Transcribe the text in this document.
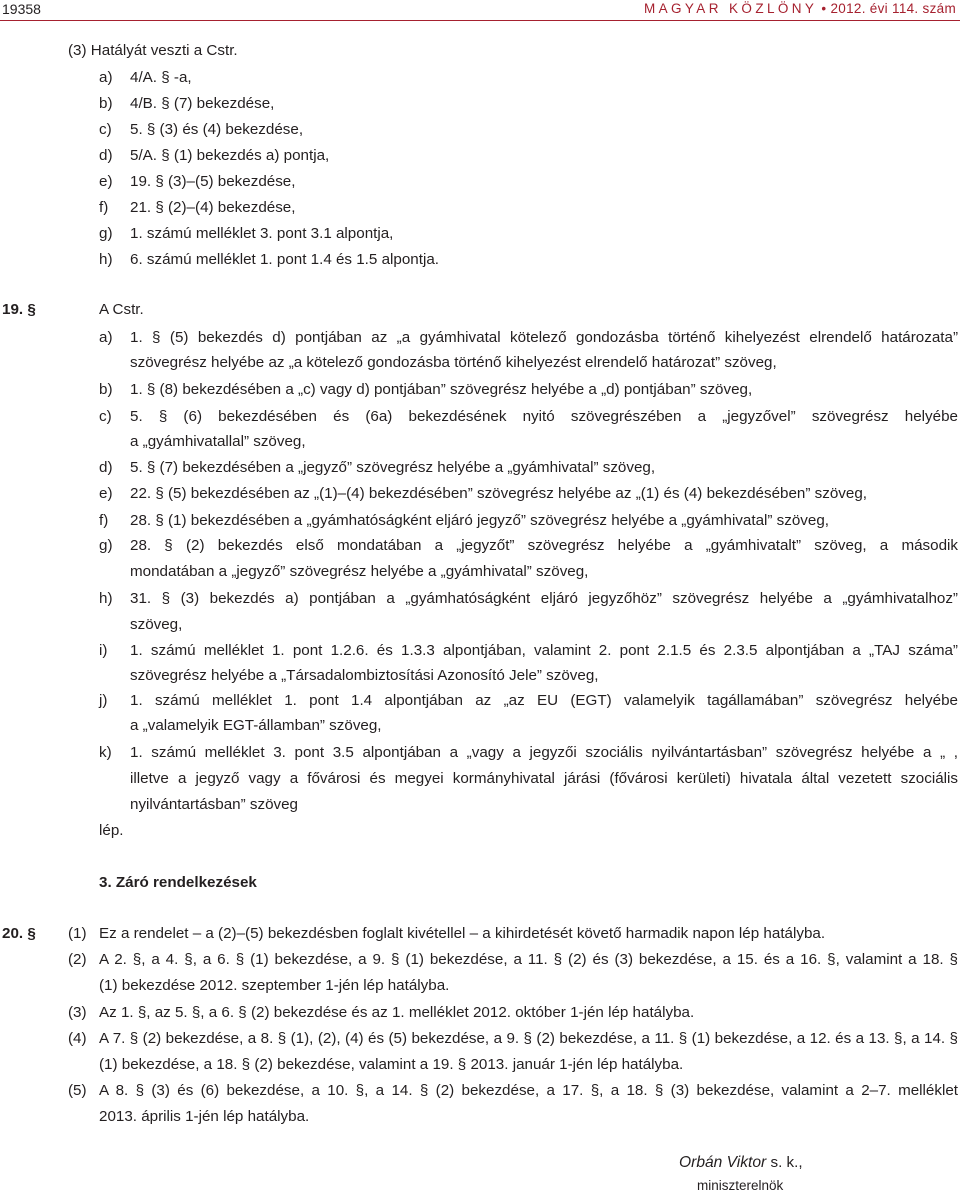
19358	MAGYAR KÖZLÖNY • 2012. évi 114. szám
(3) Hatályát veszti a Cstr.
a) 4/A. § -a,
b) 4/B. § (7) bekezdése,
c) 5. § (3) és (4) bekezdése,
d) 5/A. § (1) bekezdés a) pontja,
e) 19. § (3)–(5) bekezdése,
f) 21. § (2)–(4) bekezdése,
g) 1. számú melléklet 3. pont 3.1 alpontja,
h) 6. számú melléklet 1. pont 1.4 és 1.5 alpontja.
19. §	A Cstr.
a) 1. § (5) bekezdés d) pontjában az „a gyámhivatal kötelező gondozásba történő kihelyezést elrendelő határozata”
szövegrész helyébe az „a kötelező gondozásba történő kihelyezést elrendelő határozat” szöveg,
b) 1. § (8) bekezdésében a „c) vagy d) pontjában” szövegrész helyébe a „d) pontjában” szöveg,
c) 5. § (6) bekezdésében és (6a) bekezdésének nyitó szövegrészében a „jegyzővel” szövegrész helyébe
a „gyámhivatallal” szöveg,
d) 5. § (7) bekezdésében a „jegyző” szövegrész helyébe a „gyámhivatal” szöveg,
e) 22. § (5) bekezdésében az „(1)–(4) bekezdésében” szövegrész helyébe az „(1) és (4) bekezdésében” szöveg,
f) 28. § (1) bekezdésében a „gyámhatóságként eljáró jegyző” szövegrész helyébe a „gyámhivatal” szöveg,
g) 28. § (2) bekezdés első mondatában a „jegyzőt” szövegrész helyébe a „gyámhivatalt” szöveg, a második
mondatában a „jegyző” szövegrész helyébe a „gyámhivatal” szöveg,
h) 31. § (3) bekezdés a) pontjában a „gyámhatóságként eljáró jegyzőhöz” szövegrész helyébe a „gyámhivatalhoz”
szöveg,
i) 1. számú melléklet 1. pont 1.2.6. és 1.3.3 alpontjában, valamint 2. pont 2.1.5 és 2.3.5 alpontjában a „TAJ száma”
szövegrész helyébe a „Társadalombiztosítási Azonosító Jele” szöveg,
j) 1. számú melléklet 1. pont 1.4 alpontjában az „az EU (EGT) valamelyik tagállamában” szövegrész helyébe
a „valamelyik EGT-államban” szöveg,
k) 1. számú melléklet 3. pont 3.5 alpontjában a „vagy a jegyzői szociális nyilvántartásban” szövegrész helyébe a „ ,
illetve a jegyző vagy a fővárosi és megyei kormányhivatal járási (fővárosi kerületi) hivatala által vezetett szociális
nyilvántartásban” szöveg
lép.
3. Záró rendelkezések
20. § (1) Ez a rendelet – a (2)–(5) bekezdésben foglalt kivétellel – a kihirdetését követő harmadik napon lép hatályba.
(2) A 2. §, a 4. §, a 6. § (1) bekezdése, a 9. § (1) bekezdése, a 11. § (2) és (3) bekezdése, a 15. és a 16. §, valamint a 18. §
(1) bekezdése 2012. szeptember 1-jén lép hatályba.
(3) Az 1. §, az 5. §, a 6. § (2) bekezdése és az 1. melléklet 2012. október 1-jén lép hatályba.
(4) A 7. § (2) bekezdése, a 8. § (1), (2), (4) és (5) bekezdése, a 9. § (2) bekezdése, a 11. § (1) bekezdése, a 12. és a 13. §, a 14. §
(1) bekezdése, a 18. § (2) bekezdése, valamint a 19. § 2013. január 1-jén lép hatályba.
(5) A 8. § (3) és (6) bekezdése, a 10. §, a 14. § (2) bekezdése, a 17. §, a 18. § (3) bekezdése, valamint a 2–7. melléklet
2013. április 1-jén lép hatályba.
Orbán Viktor s. k.,
miniszterelnök
